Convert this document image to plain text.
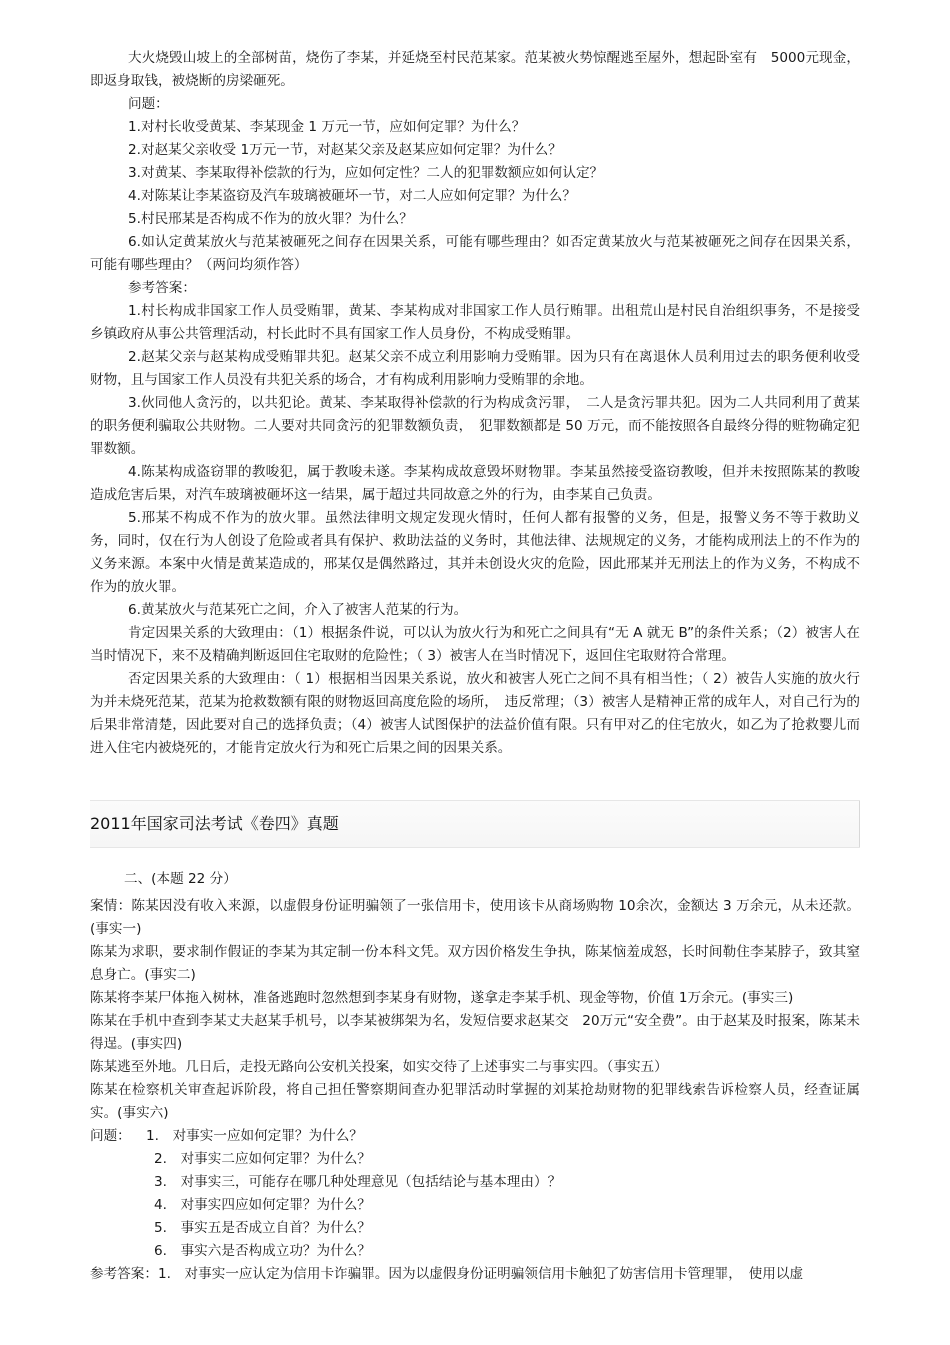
大火烧毁山坡上的全部树苗，烧伤了李某，并延烧至村民范某家。范某被火势惊醒逃至屋外，想起卧室有　5000元现金，即返身取钱，被烧断的房梁砸死。

问题：

1.对村长收受黄某、李某现金 1 万元一节，应如何定罪？为什么？

2.对赵某父亲收受 1万元一节，对赵某父亲及赵某应如何定罪？为什么？

3.对黄某、李某取得补偿款的行为，应如何定性？二人的犯罪数额应如何认定？

4.对陈某让李某盗窃及汽车玻璃被砸坏一节，对二人应如何定罪？为什么？

5.村民邢某是否构成不作为的放火罪？为什么？

6.如认定黄某放火与范某被砸死之间存在因果关系，可能有哪些理由？如否定黄某放火与范某被砸死之间存在因果关系，可能有哪些理由？（两问均须作答）

参考答案：

1.村长构成非国家工作人员受贿罪，黄某、李某构成对非国家工作人员行贿罪。出租荒山是村民自治组织事务，不是接受乡镇政府从事公共管理活动，村长此时不具有国家工作人员身份，不构成受贿罪。

2.赵某父亲与赵某构成受贿罪共犯。赵某父亲不成立利用影响力受贿罪。因为只有在离退休人员利用过去的职务便利收受财物，且与国家工作人员没有共犯关系的场合，才有构成利用影响力受贿罪的余地。

3.伙同他人贪污的，以共犯论。黄某、李某取得补偿款的行为构成贪污罪，　二人是贪污罪共犯。因为二人共同利用了黄某的职务便利骗取公共财物。二人要对共同贪污的犯罪数额负责，　犯罪数额都是 50 万元，而不能按照各自最终分得的赃物确定犯罪数额。

4.陈某构成盗窃罪的教唆犯，属于教唆未遂。李某构成故意毁坏财物罪。李某虽然接受盗窃教唆，但并未按照陈某的教唆造成危害后果，对汽车玻璃被砸坏这一结果，属于超过共同故意之外的行为，由李某自己负责。

5.邢某不构成不作为的放火罪。虽然法律明文规定发现火情时，任何人都有报警的义务，但是，报警义务不等于救助义务，同时，仅在行为人创设了危险或者具有保护、救助法益的义务时，其他法律、法规规定的义务，才能构成刑法上的不作为的义务来源。本案中火情是黄某造成的，邢某仅是偶然路过，其并未创设火灾的危险，因此邢某并无刑法上的作为义务，不构成不作为的放火罪。

6.黄某放火与范某死亡之间，介入了被害人范某的行为。

肯定因果关系的大致理由：（1）根据条件说，可以认为放火行为和死亡之间具有“无 A 就无 B”的条件关系；（2）被害人在当时情况下，来不及精确判断返回住宅取财的危险性；（ 3）被害人在当时情况下，返回住宅取财符合常理。

否定因果关系的大致理由：（ 1）根据相当因果关系说，放火和被害人死亡之间不具有相当性；（ 2）被告人实施的放火行为并未烧死范某，范某为抢救数额有限的财物返回高度危险的场所，　违反常理；（3）被害人是精神正常的成年人，对自己行为的后果非常清楚，因此要对自己的选择负责；（4）被害人试图保护的法益价值有限。只有甲对乙的住宅放火，如乙为了抢救婴儿而进入住宅内被烧死的，才能肯定放火行为和死亡后果之间的因果关系。

2011年国家司法考试《卷四》真题

二、(本题 22 分）

案情：陈某因没有收入来源，以虚假身份证明骗领了一张信用卡，使用该卡从商场购物 10余次，金额达 3 万余元，从未还款。(事实一)

陈某为求职，要求制作假证的李某为其定制一份本科文凭。双方因价格发生争执，陈某恼羞成怒，长时间勒住李某脖子，致其窒息身亡。(事实二)

陈某将李某尸体拖入树林，准备逃跑时忽然想到李某身有财物，遂拿走李某手机、现金等物，价值 1万余元。(事实三)

陈某在手机中查到李某丈夫赵某手机号，以李某被绑架为名，发短信要求赵某交　20万元“安全费”。由于赵某及时报案，陈某未得逞。(事实四)

陈某逃至外地。几日后，走投无路向公安机关投案，如实交待了上述事实二与事实四。（事实五）

陈某在检察机关审查起诉阶段，将自己担任警察期间查办犯罪活动时掌握的刘某抢劫财物的犯罪线索告诉检察人员，经查证属实。(事实六)

问题：	1.　对事实一应如何定罪？为什么？

2.　对事实二应如何定罪？为什么？

3.　对事实三，可能存在哪几种处理意见（包括结论与基本理由）？

4.　对事实四应如何定罪？为什么？

5.　事实五是否成立自首？为什么？

6.　事实六是否构成立功？为什么？

参考答案：1.　对事实一应认定为信用卡诈骗罪。因为以虚假身份证明骗领信用卡触犯了妨害信用卡管理罪，　使用以虚
